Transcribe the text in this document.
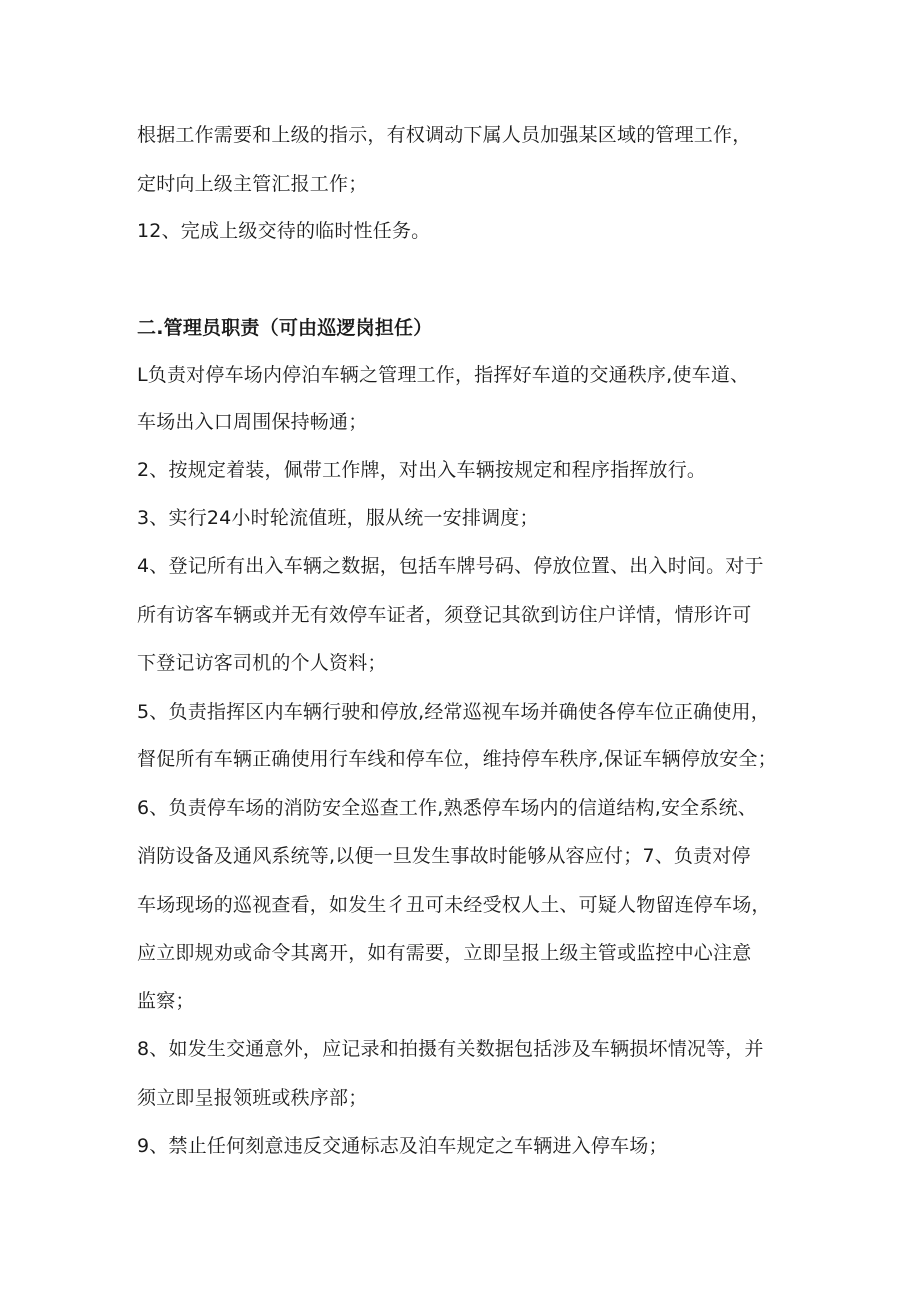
根据工作需要和上级的指示，有权调动下属人员加强某区域的管理工作，
定时向上级主管汇报工作；
12、完成上级交待的临时性任务。
二.管理员职责（可由巡逻岗担任）
L负责对停车场内停泊车辆之管理工作，指挥好车道的交通秩序,使车道、
车场出入口周围保持畅通；
2、按规定着装，佩带工作牌，对出入车辆按规定和程序指挥放行。
3、实行24小时轮流值班，服从统一安排调度；
4、登记所有出入车辆之数据，包括车牌号码、停放位置、出入时间。对于
所有访客车辆或并无有效停车证者，须登记其欲到访住户详情，情形许可
下登记访客司机的个人资料；
5、负责指挥区内车辆行驶和停放,经常巡视车场并确使各停车位正确使用，
督促所有车辆正确使用行车线和停车位，维持停车秩序,保证车辆停放安全；
6、负责停车场的消防安全巡查工作,熟悉停车场内的信道结构,安全系统、
消防设备及通风系统等,以便一旦发生事故时能够从容应付；7、负责对停
车场现场的巡视查看，如发生彳丑可未经受权人土、可疑人物留连停车场，
应立即规劝或命令其离开，如有需要，立即呈报上级主管或监控中心注意
监察；
8、如发生交通意外，应记录和拍摄有关数据包括涉及车辆损坏情况等，并
须立即呈报领班或秩序部；
9、禁止任何刻意违反交通标志及泊车规定之车辆进入停车场；
